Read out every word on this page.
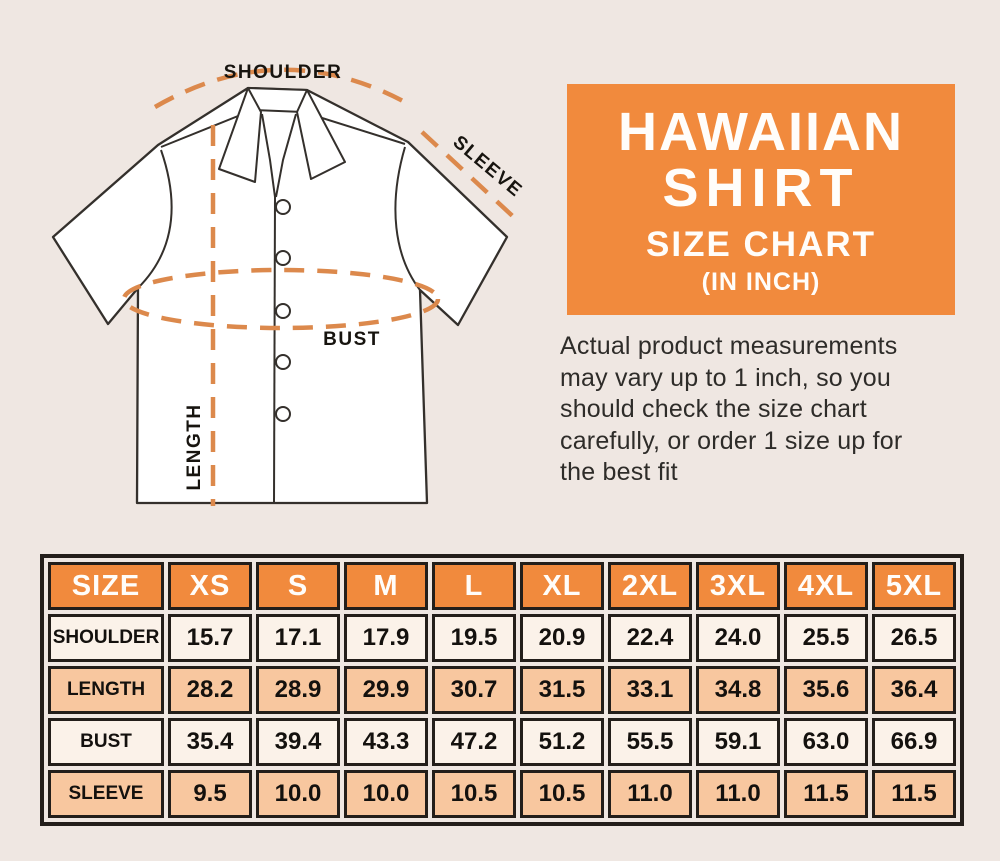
SHOULDER
SLEEVE
BUST
LENGTH
HAWAIIAN
SHIRT
SIZE CHART
(IN INCH)
Actual product measurements
may vary up to 1 inch, so you
should check the size chart
carefully, or order 1 size up for
the best fit
SIZE	XS	S	M	L	XL	2XL	3XL	4XL	5XL
SHOULDER	15.7	17.1	17.9	19.5	20.9	22.4	24.0	25.5	26.5
LENGTH	28.2	28.9	29.9	30.7	31.5	33.1	34.8	35.6	36.4
BUST	35.4	39.4	43.3	47.2	51.2	55.5	59.1	63.0	66.9
SLEEVE	9.5	10.0	10.0	10.5	10.5	11.0	11.0	11.5	11.5
